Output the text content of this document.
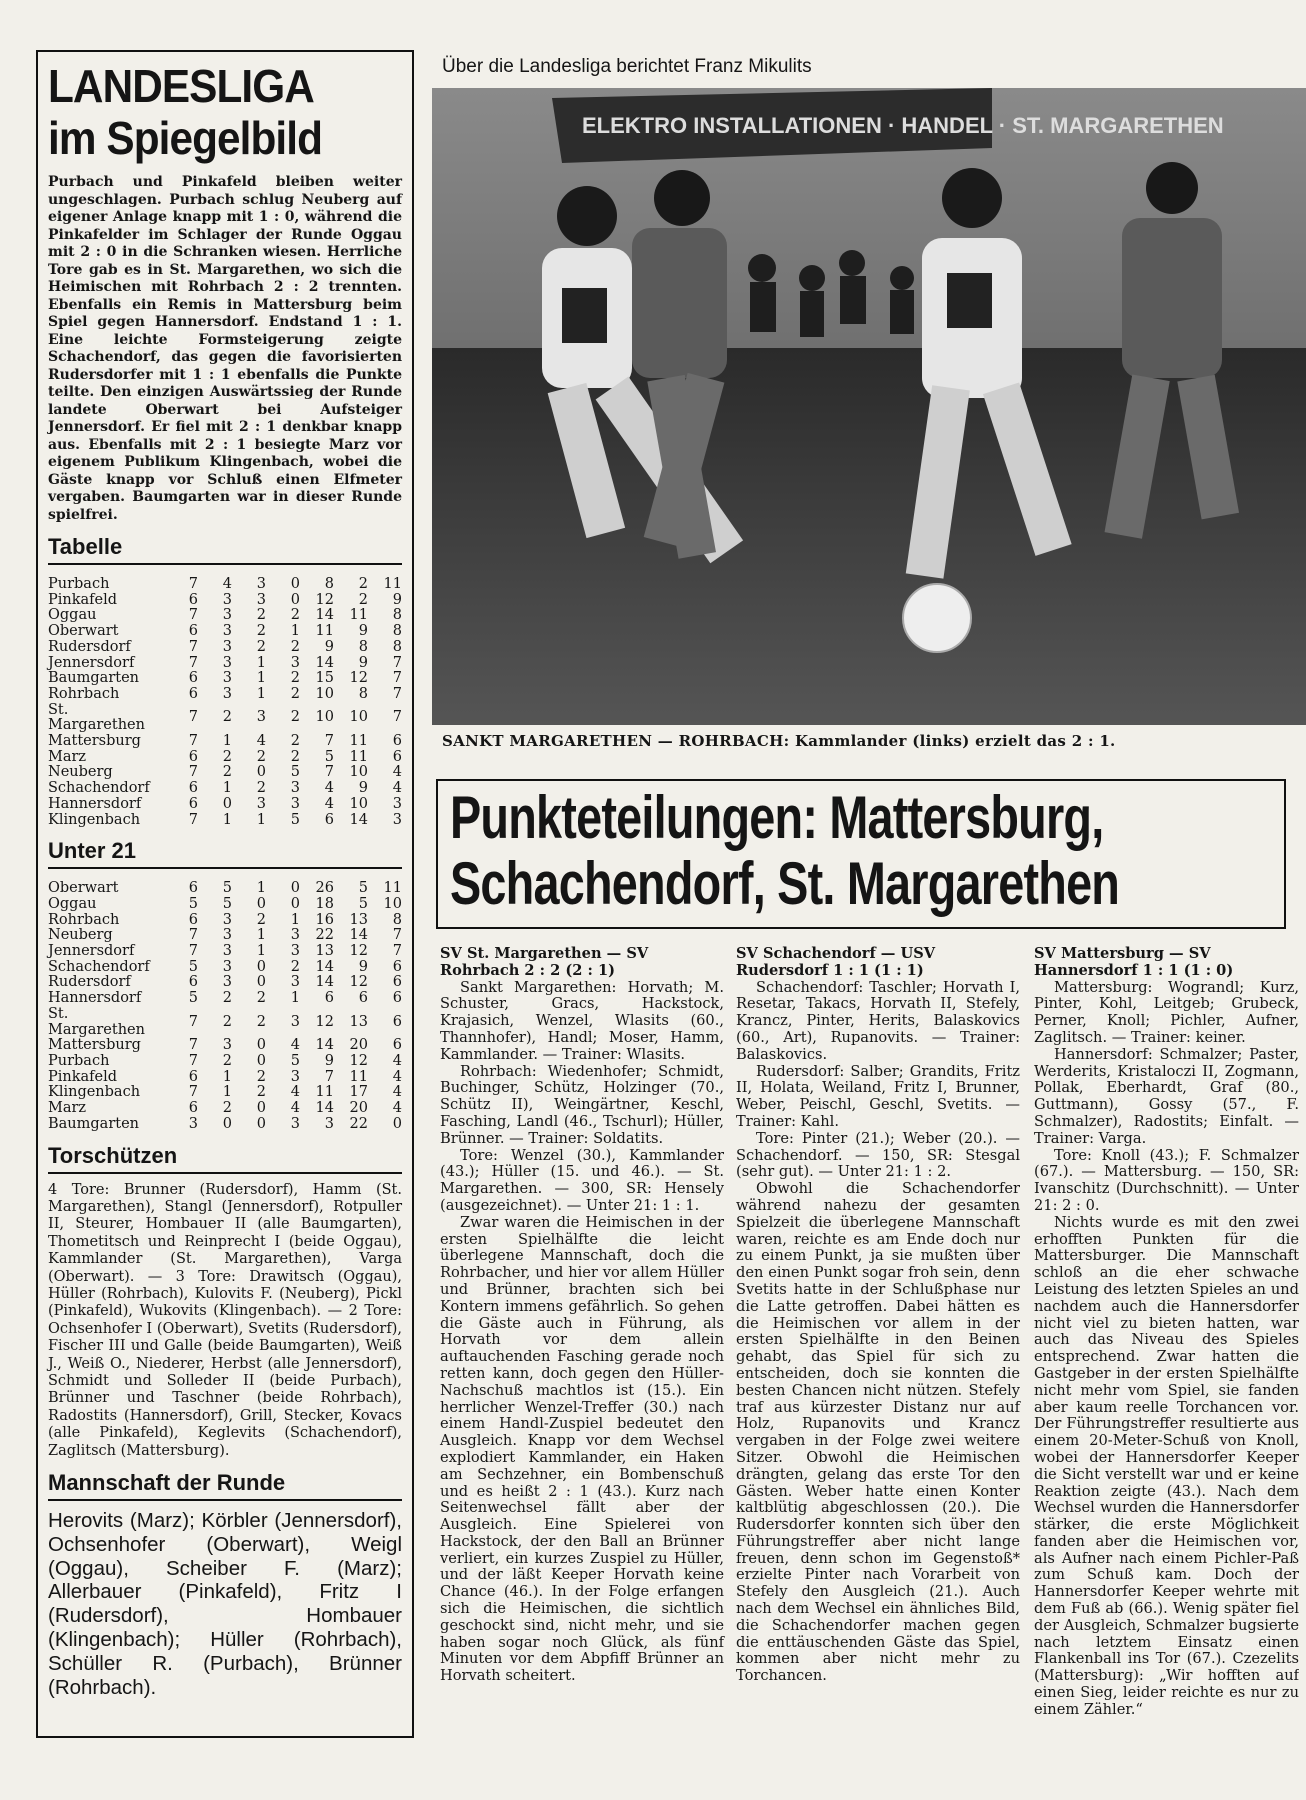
Über die Landesliga berichtet Franz Mikulits
LANDESLIGA
im Spiegelbild
Purbach und Pinkafeld bleiben weiter ungeschlagen. Purbach schlug Neuberg auf eigener Anlage knapp mit 1 : 0, während die Pinkafelder im Schlager der Runde Oggau mit 2 : 0 in die Schranken wiesen. Herrliche Tore gab es in St. Margarethen, wo sich die Heimischen mit Rohrbach 2 : 2 trennten. Ebenfalls ein Remis in Mattersburg beim Spiel gegen Hannersdorf. Endstand 1 : 1. Eine leichte Formsteigerung zeigte Schachendorf, das gegen die favorisierten Rudersdorfer mit 1 : 1 ebenfalls die Punkte teilte. Den einzigen Auswärtssieg der Runde landete Oberwart bei Aufsteiger Jennersdorf. Er fiel mit 2 : 1 denkbar knapp aus. Ebenfalls mit 2 : 1 besiegte Marz vor eigenem Publikum Klingenbach, wobei die Gäste knapp vor Schluß einen Elfmeter vergaben. Baumgarten war in dieser Runde spielfrei.
Tabelle
Purbach	7	4	3	0	8	2	11
Pinkafeld	6	3	3	0	12	2	9
Oggau	7	3	2	2	14	11	8
Oberwart	6	3	2	1	11	9	8
Rudersdorf	7	3	2	2	9	8	8
Jennersdorf	7	3	1	3	14	9	7
Baumgarten	6	3	1	2	15	12	7
Rohrbach	6	3	1	2	10	8	7
St. Margarethen	7	2	3	2	10	10	7
Mattersburg	7	1	4	2	7	11	6
Marz	6	2	2	2	5	11	6
Neuberg	7	2	0	5	7	10	4
Schachendorf	6	1	2	3	4	9	4
Hannersdorf	6	0	3	3	4	10	3
Klingenbach	7	1	1	5	6	14	3
Unter 21
Oberwart	6	5	1	0	26	5	11
Oggau	5	5	0	0	18	5	10
Rohrbach	6	3	2	1	16	13	8
Neuberg	7	3	1	3	22	14	7
Jennersdorf	7	3	1	3	13	12	7
Schachendorf	5	3	0	2	14	9	6
Rudersdorf	6	3	0	3	14	12	6
Hannersdorf	5	2	2	1	6	6	6
St. Margarethen	7	2	2	3	12	13	6
Mattersburg	7	3	0	4	14	20	6
Purbach	7	2	0	5	9	12	4
Pinkafeld	6	1	2	3	7	11	4
Klingenbach	7	1	2	4	11	17	4
Marz	6	2	0	4	14	20	4
Baumgarten	3	0	0	3	3	22	0
Torschützen
4 Tore: Brunner (Rudersdorf), Hamm (St. Margarethen), Stangl (Jennersdorf), Rotpuller II, Steurer, Hombauer II (alle Baumgarten), Thometitsch und Reinprecht I (beide Oggau), Kammlander (St. Margarethen), Varga (Oberwart). — 3 Tore: Drawitsch (Oggau), Hüller (Rohrbach), Kulovits F. (Neuberg), Pickl (Pinkafeld), Wukovits (Klingenbach). — 2 Tore: Ochsenhofer I (Oberwart), Svetits (Rudersdorf), Fischer III und Galle (beide Baumgarten), Weiß J., Weiß O., Niederer, Herbst (alle Jennersdorf), Schmidt und Solleder II (beide Purbach), Brünner und Taschner (beide Rohrbach), Radostits (Hannersdorf), Grill, Stecker, Kovacs (alle Pinkafeld), Keglevits (Schachendorf), Zaglitsch (Mattersburg).
Mannschaft der Runde
Herovits (Marz); Körbler (Jennersdorf), Ochsenhofer (Oberwart), Weigl (Oggau), Scheiber F. (Marz); Allerbauer (Pinkafeld), Fritz I (Rudersdorf), Hombauer (Klingenbach); Hüller (Rohrbach), Schüller R. (Purbach), Brünner (Rohrbach).
ELEKTRO INSTALLATIONEN · HANDEL · ST. MARGARETHEN
SANKT MARGARETHEN — ROHRBACH: Kammlander (links) erzielt das 2 : 1.
Punkteteilungen: Mattersburg,
Schachendorf, St. Margarethen

SV St. Margarethen — SV Rohrbach 2 : 2 (2 : 1)

Sankt Margarethen: Horvath; M. Schuster, Gracs, Hackstock, Krajasich, Wenzel, Wlasits (60., Thannhofer), Handl; Moser, Hamm, Kammlander. — Trainer: Wlasits.

Rohrbach: Wiedenhofer; Schmidt, Buchinger, Schütz, Holzinger (70., Schütz II), Weingärtner, Keschl, Fasching, Landl (46., Tschurl); Hüller, Brünner. — Trainer: Soldatits.

Tore: Wenzel (30.), Kammlander (43.); Hüller (15. und 46.). — St. Margarethen. — 300, SR: Hensely (ausgezeichnet). — Unter 21: 1 : 1.

Zwar waren die Heimischen in der ersten Spielhälfte die leicht überlegene Mannschaft, doch die Rohrbacher, und hier vor allem Hüller und Brünner, brachten sich bei Kontern immens gefährlich. So gehen die Gäste auch in Führung, als Horvath vor dem allein auftauchenden Fasching gerade noch retten kann, doch gegen den Hüller-Nachschuß machtlos ist (15.). Ein herrlicher Wenzel-Treffer (30.) nach einem Handl-Zuspiel bedeutet den Ausgleich. Knapp vor dem Wechsel explodiert Kammlander, ein Haken am Sechzehner, ein Bombenschuß und es heißt 2 : 1 (43.). Kurz nach Seitenwechsel fällt aber der Ausgleich. Eine Spielerei von Hackstock, der den Ball an Brünner verliert, ein kurzes Zuspiel zu Hüller, und der läßt Keeper Horvath keine Chance (46.). In der Folge erfangen sich die Heimischen, die sichtlich geschockt sind, nicht mehr, und sie haben sogar noch Glück, als fünf Minuten vor dem Abpfiff Brünner an Horvath scheitert.

SV Schachendorf — USV Rudersdorf 1 : 1 (1 : 1)

Schachendorf: Taschler; Horvath I, Resetar, Takacs, Horvath II, Stefely, Krancz, Pinter, Herits, Balaskovics (60., Art), Rupanovits. — Trainer: Balaskovics.

Rudersdorf: Salber; Grandits, Fritz II, Holata, Weiland, Fritz I, Brunner, Weber, Peischl, Geschl, Svetits. — Trainer: Kahl.

Tore: Pinter (21.); Weber (20.). — Schachendorf. — 150, SR: Stesgal (sehr gut). — Unter 21: 1 : 2.

Obwohl die Schachendorfer während nahezu der gesamten Spielzeit die überlegene Mannschaft waren, reichte es am Ende doch nur zu einem Punkt, ja sie mußten über den einen Punkt sogar froh sein, denn Svetits hatte in der Schlußphase nur die Latte getroffen. Dabei hätten es die Heimischen vor allem in der ersten Spielhälfte in den Beinen gehabt, das Spiel für sich zu entscheiden, doch sie konnten die besten Chancen nicht nützen. Stefely traf aus kürzester Distanz nur auf Holz, Rupanovits und Krancz vergaben in der Folge zwei weitere Sitzer. Obwohl die Heimischen drängten, gelang das erste Tor den Gästen. Weber hatte einen Konter kaltblütig abgeschlossen (20.). Die Rudersdorfer konnten sich über den Führungstreffer aber nicht lange freuen, denn schon im Gegenstoß* erzielte Pinter nach Vorarbeit von Stefely den Ausgleich (21.). Auch nach dem Wechsel ein ähnliches Bild, die Schachendorfer machen gegen die enttäuschenden Gäste das Spiel, kommen aber nicht mehr zu Torchancen.

SV Mattersburg — SV Hannersdorf 1 : 1 (1 : 0)

Mattersburg: Wograndl; Kurz, Pinter, Kohl, Leitgeb; Grubeck, Perner, Knoll; Pichler, Aufner, Zaglitsch. — Trainer: keiner.

Hannersdorf: Schmalzer; Paster, Werderits, Kristaloczi II, Zogmann, Pollak, Eberhardt, Graf (80., Guttmann), Gossy (57., F. Schmalzer), Radostits; Einfalt. — Trainer: Varga.

Tore: Knoll (43.); F. Schmalzer (67.). — Mattersburg. — 150, SR: Ivanschitz (Durchschnitt). — Unter 21: 2 : 0.

Nichts wurde es mit den zwei erhofften Punkten für die Mattersburger. Die Mannschaft schloß an die eher schwache Leistung des letzten Spieles an und nachdem auch die Hannersdorfer nicht viel zu bieten hatten, war auch das Niveau des Spieles entsprechend. Zwar hatten die Gastgeber in der ersten Spielhälfte nicht mehr vom Spiel, sie fanden aber kaum reelle Torchancen vor. Der Führungstreffer resultierte aus einem 20-Meter-Schuß von Knoll, wobei der Hannersdorfer Keeper die Sicht verstellt war und er keine Reaktion zeigte (43.). Nach dem Wechsel wurden die Hannersdorfer stärker, die erste Möglichkeit fanden aber die Heimischen vor, als Aufner nach einem Pichler-Paß zum Schuß kam. Doch der Hannersdorfer Keeper wehrte mit dem Fuß ab (66.). Wenig später fiel der Ausgleich, Schmalzer bugsierte nach letztem Einsatz einen Flankenball ins Tor (67.). Czezelits (Mattersburg): „Wir hofften auf einen Sieg, leider reichte es nur zu einem Zähler.“
